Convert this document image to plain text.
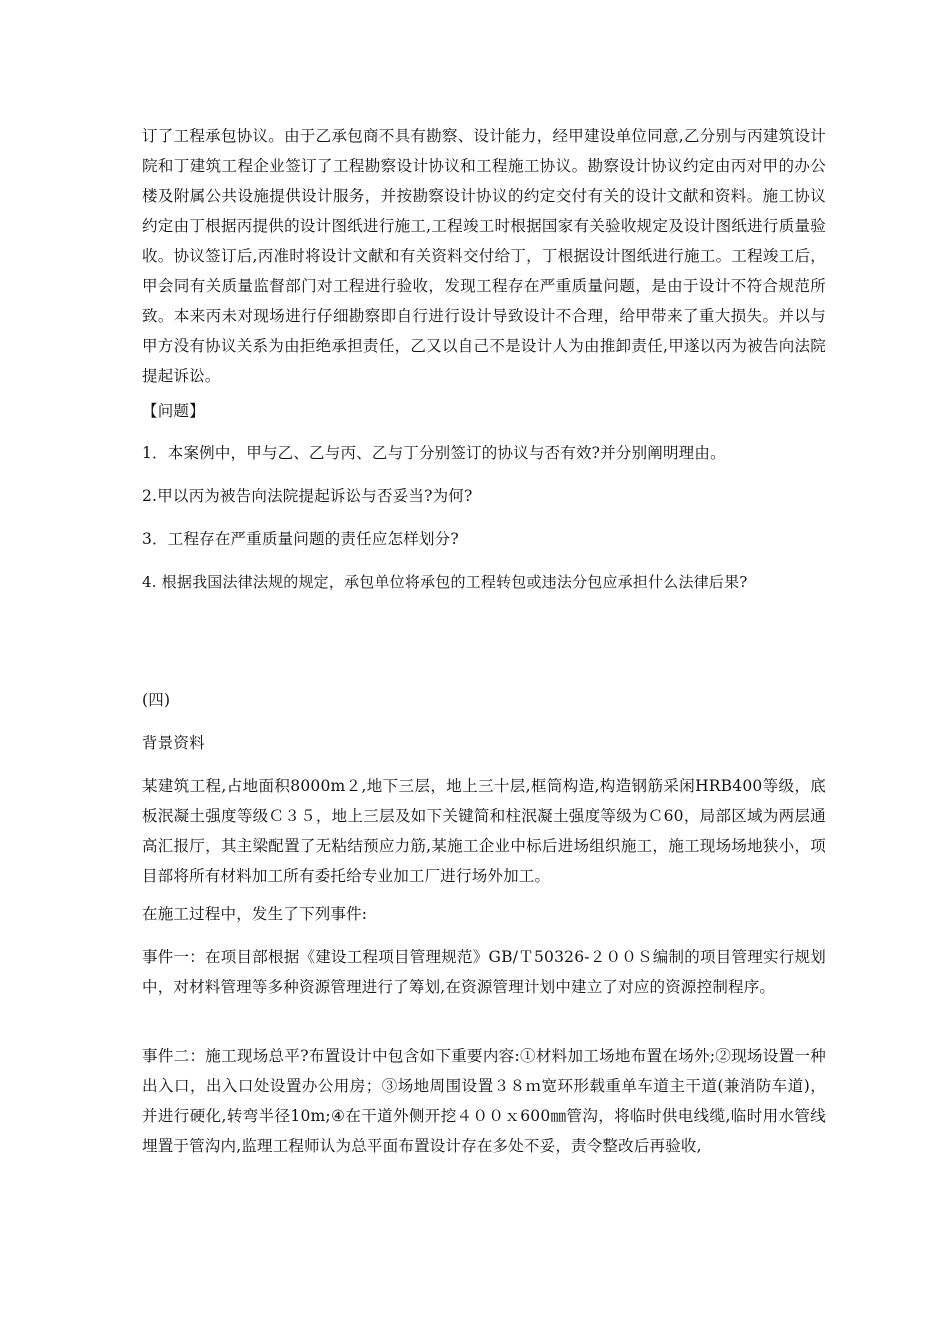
订了工程承包协议。由于乙承包商不具有勘察、设计能力，经甲建设单位同意,乙分别与丙建筑设计院和丁建筑工程企业签订了工程勘察设计协议和工程施工协议。勘察设计协议约定由丙对甲的办公楼及附属公共设施提供设计服务，并按勘察设计协议的约定交付有关的设计文献和资料。施工协议约定由丁根据丙提供的设计图纸进行施工,工程竣工时根据国家有关验收规定及设计图纸进行质量验收。协议签订后,丙准时将设计文献和有关资料交付给丁，丁根据设计图纸进行施工。工程竣工后，甲会同有关质量监督部门对工程进行验收，发现工程存在严重质量问题，是由于设计不符合规范所致。本来丙未对现场进行仔细勘察即自行进行设计导致设计不合理，给甲带来了重大损失。并以与甲方没有协议关系为由拒绝承担责任，乙又以自己不是设计人为由推卸责任,甲遂以丙为被告向法院提起诉讼。

【问题】

1．本案例中，甲与乙、乙与丙、乙与丁分别签订的协议与否有效?并分别阐明理由。

2.甲以丙为被告向法院提起诉讼与否妥当?为何?

3．工程存在严重质量问题的责任应怎样划分?

4. 根据我国法律法规的规定，承包单位将承包的工程转包或违法分包应承担什么法律后果?

(四)

背景资料

某建筑工程,占地面积8000m２,地下三层，地上三十层,框筒构造,构造钢筋采闲HRB400等级，底板泯凝土强度等级Ｃ３５，地上三层及如下关键简和柱泯凝土强度等级为Ｃ60，局部区域为两层通高汇报厅，其主梁配置了无粘结预应力筋,某施工企业中标后进场组织施工，施工现场场地狭小，项目部将所有材料加工所有委托给专业加工厂进行场外加工。

在施工过程中，发生了下列事件:

事件一：在项目部根据《建设工程项目管理规范》GB/Ｔ50326-２００Ｓ编制的项目管理实行规划中，对材料管理等多种资源管理进行了筹划,在资源管理计划中建立了对应的资源控制程序。

事件二：施工现场总平?布置设计中包含如下重要内容:①材料加工场地布置在场外;②现场设置一种出入口，出入口处设置办公用房；③场地周围设置３８ｍ宽环形载重单车道主干道(兼消防车道)，并进行硬化,转弯半径10m;④在干道外侧开挖４００ｘ600㎜管沟，将临时供电线缆,临时用水管线埋置于管沟内,监理工程师认为总平面布置设计存在多处不妥，责令整改后再验收,
